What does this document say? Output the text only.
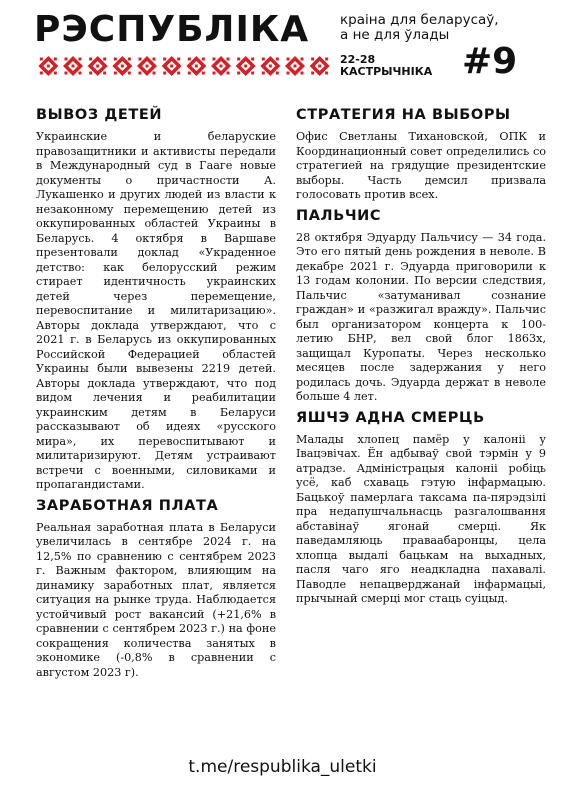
РЭСПУБЛІКА краіна для беларусаў,
а не для ўлады
22-28
КАСТРЫЧНІКА #9
ВЫВОЗ ДЕТЕЙ

Украинские и беларуские правозащитники и активисты передали в Международный суд в Гааге новые документы о причастности А. Лукашенко и других людей из власти к незаконному перемещению детей из оккупированных областей Украины в Беларусь. 4 октября в Варшаве презентовали доклад «Украденное детство: как белорусский режим стирает идентичность украинских детей через перемещение, перевоспитание и милитаризацию». Авторы доклада утверждают, что с 2021 г. в Беларусь из оккупированных Российской Федерацией областей Украины были вывезены 2219 детей. Авторы доклада утверждают, что под видом лечения и реабилитации украинским детям в Беларуси рассказывают об идеях «русского мира», их перевоспитывают и милитаризируют. Детям устраивают встречи с военными, силовиками и пропагандистами.

ЗАРАБОТНАЯ ПЛАТА

Реальная заработная плата в Беларуси увеличилась в сентябре 2024 г. на 12,5% по сравнению с сентябрем 2023 г. Важным фактором, влияющим на динамику заработных плат, является ситуация на рынке труда. Наблюдается устойчивый рост вакансий (+21,6% в сравнении с сентябрем 2023 г.) на фоне сокращения количества занятых в экономике (-0,8% в сравнении с августом 2023 г).

СТРАТЕГИЯ НА ВЫБОРЫ

Офис Светланы Тихановской, ОПК и Координационный совет определились со стратегией на грядущие президентские выборы. Часть демсил призвала голосовать против всех.

ПАЛЬЧИС

28 октября Эдуарду Пальчису — 34 года. Это его пятый день рождения в неволе. В декабре 2021 г. Эдуарда приговорили к 13 годам колонии. По версии следствия, Пальчис «затуманивал сознание граждан» и «разжигал вражду». Пальчис был организатором концерта к 100-летию БНР, вел свой блог 1863х, защищал Куропаты. Через несколько месяцев после задержания у него родилась дочь. Эдуарда держат в неволе больше 4 лет.

ЯШЧЭ АДНА СМЕРЦЬ

Малады хлопец памёр у калоніі у Івацэвічах. Ён адбываў свой тэрмін у 9 атрадзе. Адміністрацыя калоніі робіць усё, каб схаваць гэтую інфармацыю. Бацькоў памерлага таксама па-пярэдзілі пра недапушчальнасць разгалошвання абставінаў ягонай смерці. Як паведамляюць праваабаронцы, цела хлопца выдалі бацькам на выхадных, пасля чаго яго неадкладна пахавалі. Паводле непацверджанай інфармацыі, прычынай смерці мог стаць суіцыд.

t.me/respublika_uletki
